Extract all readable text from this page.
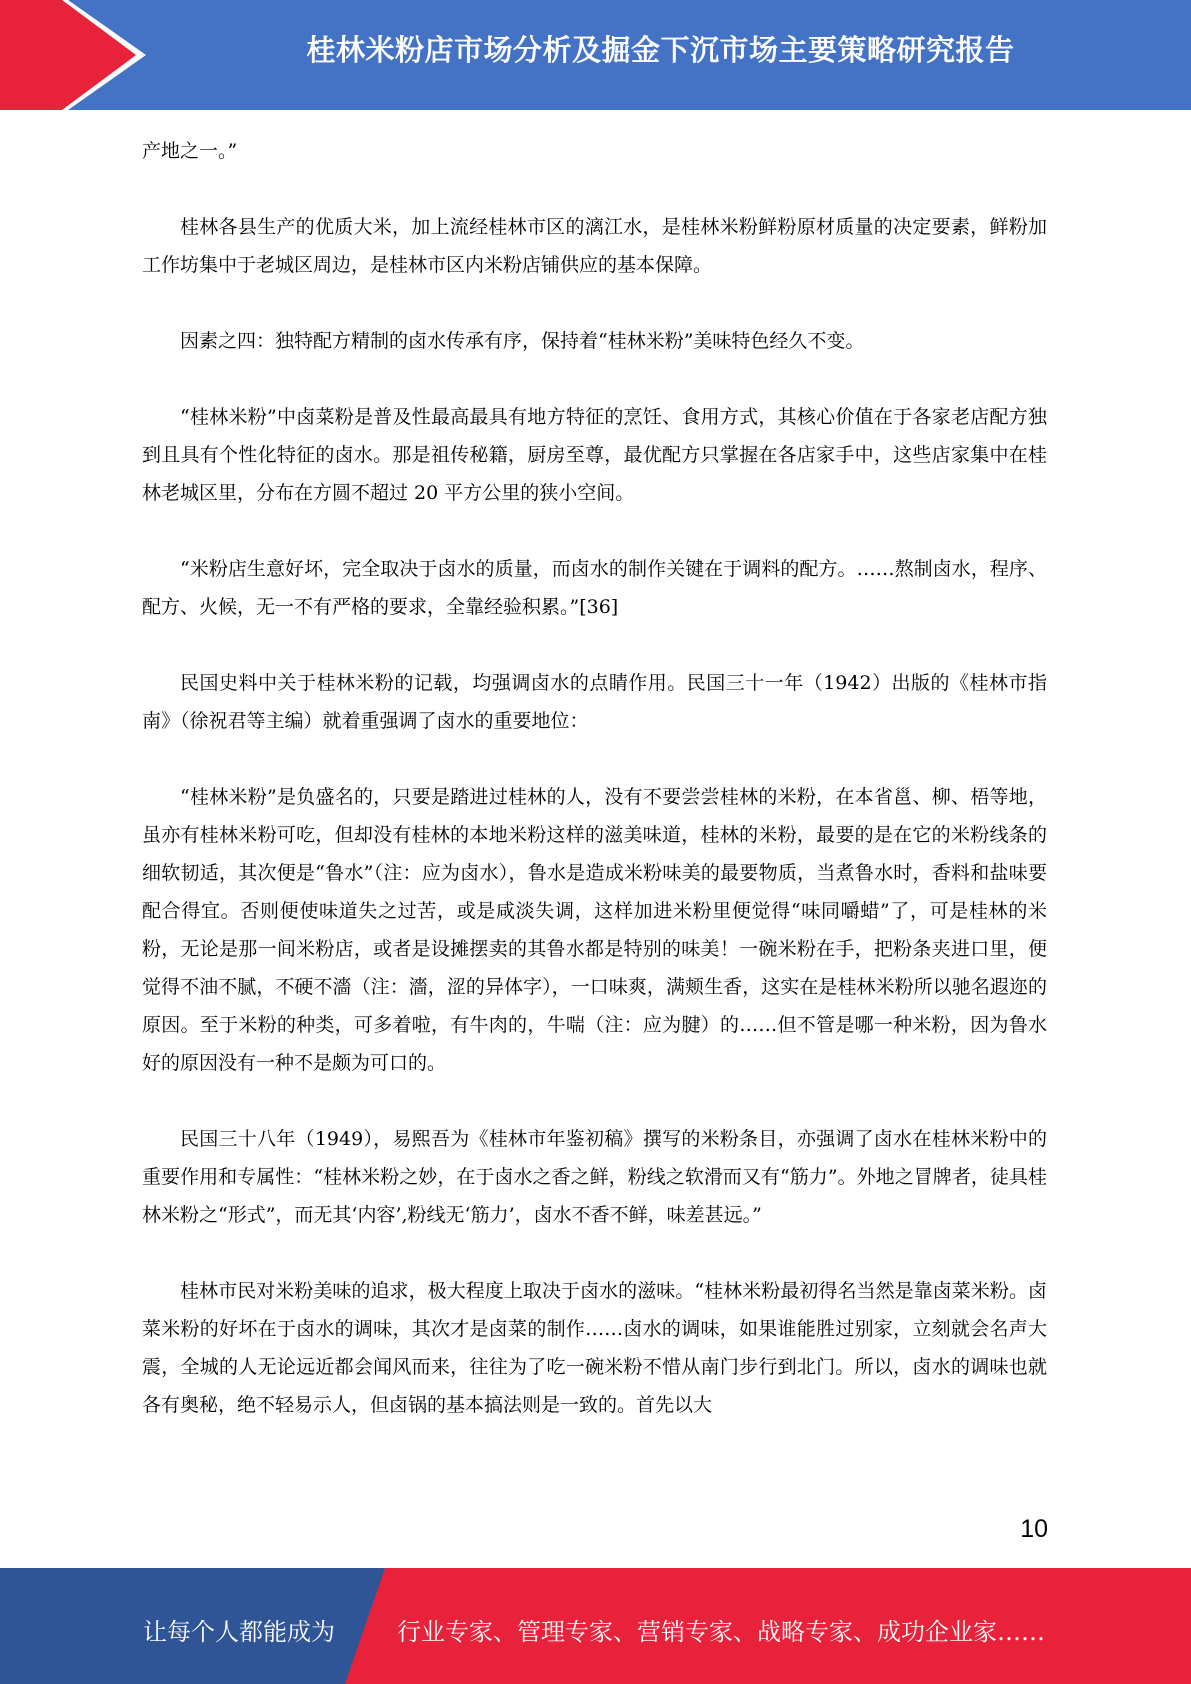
桂林米粉店市场分析及掘金下沉市场主要策略研究报告

产地之一。”

桂林各县生产的优质大米，加上流经桂林市区的漓江水，是桂林米粉鲜粉原材质量的决定要素，鲜粉加工作坊集中于老城区周边，是桂林市区内米粉店铺供应的基本保障。

因素之四：独特配方精制的卤水传承有序，保持着“桂林米粉”美味特色经久不变。

“桂林米粉”中卤菜粉是普及性最高最具有地方特征的烹饪、食用方式，其核心价值在于各家老店配方独到且具有个性化特征的卤水。那是祖传秘籍，厨房至尊，最优配方只掌握在各店家手中，这些店家集中在桂林老城区里，分布在方圆不超过 20 平方公里的狭小空间。

“米粉店生意好坏，完全取决于卤水的质量，而卤水的制作关键在于调料的配方。……熬制卤水，程序、配方、火候，无一不有严格的要求，全靠经验积累。”[36]

民国史料中关于桂林米粉的记载，均强调卤水的点睛作用。民国三十一年（1942）出版的《桂林市指南》（徐祝君等主编）就着重强调了卤水的重要地位：

“桂林米粉”是负盛名的，只要是踏进过桂林的人，没有不要尝尝桂林的米粉，在本省邕、柳、梧等地，虽亦有桂林米粉可吃，但却没有桂林的本地米粉这样的滋美味道，桂林的米粉，最要的是在它的米粉线条的细软韧适，其次便是“鲁水”（注：应为卤水），鲁水是造成米粉味美的最要物质，当煮鲁水时，香料和盐味要配合得宜。否则便使味道失之过苦，或是咸淡失调，这样加进米粉里便觉得“味同嚼蜡”了，可是桂林的米粉，无论是那一间米粉店，或者是设摊摆卖的其鲁水都是特别的味美！一碗米粉在手，把粉条夹进口里，便觉得不油不腻，不硬不濇（注：濇，涩的异体字），一口味爽，满颊生香，这实在是桂林米粉所以驰名遐迩的原因。至于米粉的种类，可多着啦，有牛肉的，牛喘（注：应为腱）的……但不管是哪一种米粉，因为鲁水好的原因没有一种不是颇为可口的。

民国三十八年（1949），易熙吾为《桂林市年鉴初稿》撰写的米粉条目，亦强调了卤水在桂林米粉中的重要作用和专属性：“桂林米粉之妙，在于卤水之香之鲜，粉线之软滑而又有“筋力”。外地之冒牌者，徒具桂林米粉之“形式”，而无其‘内容’,粉线无‘筋力’，卤水不香不鲜，味差甚远。”

桂林市民对米粉美味的追求，极大程度上取决于卤水的滋味。“桂林米粉最初得名当然是靠卤菜米粉。卤菜米粉的好坏在于卤水的调味，其次才是卤菜的制作……卤水的调味，如果谁能胜过别家，立刻就会名声大震，全城的人无论远近都会闻风而来，往往为了吃一碗米粉不惜从南门步行到北门。所以，卤水的调味也就各有奥秘，绝不轻易示人，但卤锅的基本搞法则是一致的。首先以大

10
让每个人都能成为	行业专家、管理专家、营销专家、战略专家、成功企业家……
